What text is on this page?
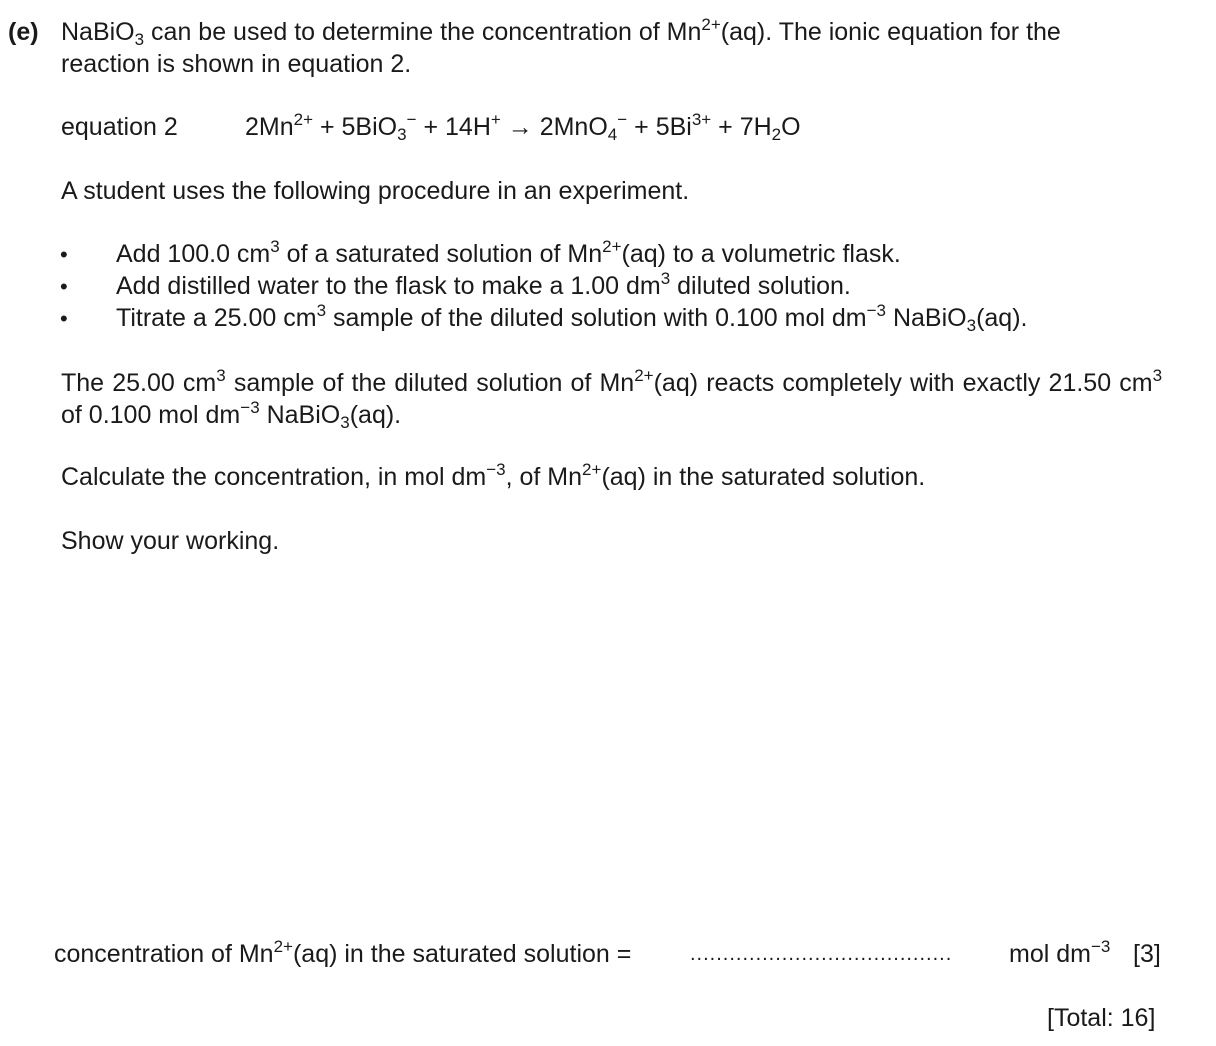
(e) NaBiO$_3$ can be used to determine the concentration of $Mn^{2+}(aq)$. The ionic equation for the
reaction is shown in equation 2.
equation 2	$2Mn^{2+} + 5BiO_3^- + 14H^+ \to 2MnO_4^- + 5Bi^{3+} + 7H_2O$
A student uses the following procedure in an experiment.
• Add 100.0 $cm^3$ of a saturated solution of $Mn^{2+}(aq)$ to a volumetric flask.
• Add distilled water to the flask to make a 1.00 $dm^3$ diluted solution.
• Titrate a 25.00 $cm^3$ sample of the diluted solution with 0.100 mol $dm^{-3}$ NaBiO$_3$(aq).
The 25.00 $cm^3$ sample of the diluted solution of $Mn^{2+}(aq)$ reacts completely with exactly 21.50 $cm^3$ of 0.100 mol $dm^{-3}$ NaBiO$_3$(aq).
Calculate the concentration, in mol $dm^{-3}$, of $Mn^{2+}(aq)$ in the saturated solution.
Show your working.
concentration of $Mn^{2+}(aq)$ in the saturated solution =	........................................ mol $dm^{-3}$ [3]
[Total: 16]
